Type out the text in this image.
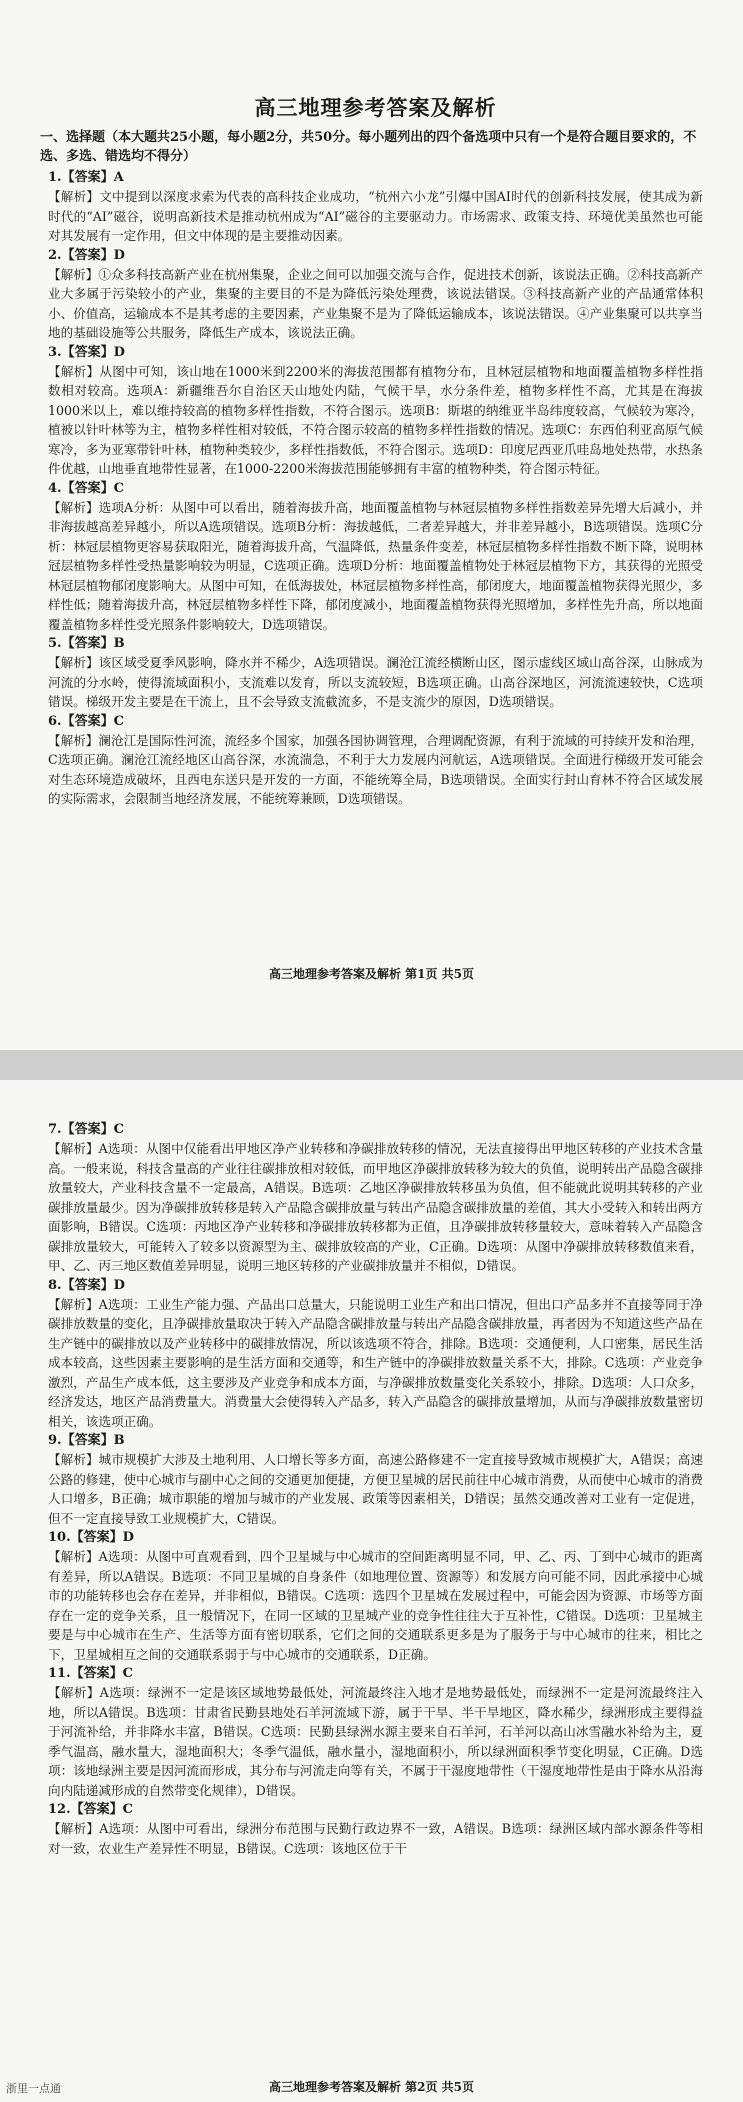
高三地理参考答案及解析

一、选择题（本大题共25小题，每小题2分，共50分。每小题列出的四个备选项中只有一个是符合题目要求的，不选、多选、错选均不得分）

1.【答案】A

【解析】文中提到以深度求索为代表的高科技企业成功，“杭州六小龙”引爆中国AI时代的创新科技发展，使其成为新时代的“AI”磁谷，说明高新技术是推动杭州成为“AI”磁谷的主要驱动力。市场需求、政策支持、环境优美虽然也可能对其发展有一定作用，但文中体现的是主要推动因素。

2.【答案】D

【解析】①众多科技高新产业在杭州集聚，企业之间可以加强交流与合作，促进技术创新，该说法正确。②科技高新产业大多属于污染较小的产业，集聚的主要目的不是为降低污染处理费，该说法错误。③科技高新产业的产品通常体积小、价值高，运输成本不是其考虑的主要因素，产业集聚不是为了降低运输成本，该说法错误。④产业集聚可以共享当地的基础设施等公共服务，降低生产成本，该说法正确。

3.【答案】D

【解析】从图中可知，该山地在1000米到2200米的海拔范围都有植物分布，且林冠层植物和地面覆盖植物多样性指数相对较高。选项A：新疆维吾尔自治区天山地处内陆，气候干旱，水分条件差，植物多样性不高，尤其是在海拔1000米以上，难以维持较高的植物多样性指数，不符合图示。选项B：斯堪的纳维亚半岛纬度较高，气候较为寒冷，植被以针叶林等为主，植物多样性相对较低，不符合图示较高的植物多样性指数的情况。选项C：东西伯利亚高原气候寒冷，多为亚寒带针叶林，植物种类较少，多样性指数低，不符合图示。选项D：印度尼西亚爪哇岛地处热带，水热条件优越，山地垂直地带性显著，在1000-2200米海拔范围能够拥有丰富的植物种类，符合图示特征。

4.【答案】C

【解析】选项A分析：从图中可以看出，随着海拔升高，地面覆盖植物与林冠层植物多样性指数差异先增大后减小，并非海拔越高差异越小，所以A选项错误。选项B分析：海拔越低，二者差异越大，并非差异越小，B选项错误。选项C分析：林冠层植物更容易获取阳光，随着海拔升高，气温降低，热量条件变差，林冠层植物多样性指数不断下降，说明林冠层植物多样性受热量影响较为明显，C选项正确。选项D分析：地面覆盖植物处于林冠层植物下方，其获得的光照受林冠层植物郁闭度影响大。从图中可知，在低海拔处，林冠层植物多样性高，郁闭度大，地面覆盖植物获得光照少，多样性低；随着海拔升高，林冠层植物多样性下降，郁闭度减小，地面覆盖植物获得光照增加，多样性先升高，所以地面覆盖植物多样性受光照条件影响较大，D选项错误。

5.【答案】B

【解析】该区域受夏季风影响，降水并不稀少，A选项错误。澜沧江流经横断山区，图示虚线区域山高谷深，山脉成为河流的分水岭，使得流域面积小，支流难以发育，所以支流较短，B选项正确。山高谷深地区，河流流速较快，C选项错误。梯级开发主要是在干流上，且不会导致支流截流多，不是支流少的原因，D选项错误。

6.【答案】C

【解析】澜沧江是国际性河流，流经多个国家，加强各国协调管理，合理调配资源，有利于流域的可持续开发和治理，C选项正确。澜沧江流经地区山高谷深，水流湍急，不利于大力发展内河航运，A选项错误。全面进行梯级开发可能会对生态环境造成破坏，且西电东送只是开发的一方面，不能统筹全局，B选项错误。全面实行封山育林不符合区域发展的实际需求，会限制当地经济发展，不能统筹兼顾，D选项错误。

高三地理参考答案及解析 第1页 共5页

7.【答案】C

【解析】A选项：从图中仅能看出甲地区净产业转移和净碳排放转移的情况，无法直接得出甲地区转移的产业技术含量高。一般来说，科技含量高的产业往往碳排放相对较低，而甲地区净碳排放转移为较大的负值，说明转出产品隐含碳排放量较大，产业科技含量不一定最高，A错误。B选项：乙地区净碳排放转移虽为负值，但不能就此说明其转移的产业碳排放量最少。因为净碳排放转移是转入产品隐含碳排放量与转出产品隐含碳排放量的差值，其大小受转入和转出两方面影响，B错误。C选项：丙地区净产业转移和净碳排放转移都为正值，且净碳排放转移量较大，意味着转入产品隐含碳排放量较大，可能转入了较多以资源型为主、碳排放较高的产业，C正确。D选项：从图中净碳排放转移数值来看，甲、乙、丙三地区数值差异明显，说明三地区转移的产业碳排放量并不相似，D错误。

8.【答案】D

【解析】A选项：工业生产能力强、产品出口总量大，只能说明工业生产和出口情况，但出口产品多并不直接等同于净碳排放数量的变化，且净碳排放量取决于转入产品隐含碳排放量与转出产品隐含碳排放量，再者因为不知道这些产品在生产链中的碳排放以及产业转移中的碳排放情况，所以该选项不符合，排除。B选项：交通便利，人口密集，居民生活成本较高，这些因素主要影响的是生活方面和交通等，和生产链中的净碳排放数量关系不大，排除。C选项：产业竞争激烈，产品生产成本低，这主要涉及产业竞争和成本方面，与净碳排放数量变化关系较小，排除。D选项：人口众多，经济发达，地区产品消费量大。消费量大会使得转入产品多，转入产品隐含的碳排放量增加，从而与净碳排放数量密切相关，该选项正确。

9.【答案】B

【解析】城市规模扩大涉及土地利用、人口增长等多方面，高速公路修建不一定直接导致城市规模扩大，A错误；高速公路的修建，使中心城市与副中心之间的交通更加便捷，方便卫星城的居民前往中心城市消费，从而使中心城市的消费人口增多，B正确；城市职能的增加与城市的产业发展、政策等因素相关，D错误；虽然交通改善对工业有一定促进，但不一定直接导致工业规模扩大，C错误。

10.【答案】D

【解析】A选项：从图中可直观看到，四个卫星城与中心城市的空间距离明显不同，甲、乙、丙、丁到中心城市的距离有差异，所以A错误。B选项：不同卫星城的自身条件（如地理位置、资源等）和发展方向可能不同，因此承接中心城市的功能转移也会存在差异，并非相似，B错误。C选项：选四个卫星城在发展过程中，可能会因为资源、市场等方面存在一定的竞争关系，且一般情况下，在同一区域的卫星城产业的竞争性往往大于互补性，C错误。D选项：卫星城主要是与中心城市在生产、生活等方面有密切联系，它们之间的交通联系更多是为了服务于与中心城市的往来，相比之下，卫星城相互之间的交通联系弱于与中心城市的交通联系，D正确。

11.【答案】C

【解析】A选项：绿洲不一定是该区域地势最低处，河流最终注入地才是地势最低处，而绿洲不一定是河流最终注入地，所以A错误。B选项：甘肃省民勤县地处石羊河流域下游，属于干旱、半干旱地区，降水稀少，绿洲形成主要得益于河流补给，并非降水丰富，B错误。C选项：民勤县绿洲水源主要来自石羊河，石羊河以高山冰雪融水补给为主，夏季气温高，融水量大，湿地面积大；冬季气温低，融水量小，湿地面积小，所以绿洲面积季节变化明显，C正确。D选项：该地绿洲主要是因河流而形成，其分布与河流走向等有关，不属于干湿度地带性（干湿度地带性是由于降水从沿海向内陆递减形成的自然带变化规律），D错误。

12.【答案】C

【解析】A选项：从图中可看出，绿洲分布范围与民勤行政边界不一致，A错误。B选项：绿洲区域内部水源条件等相对一致，农业生产差异性不明显，B错误。C选项：该地区位于干

高三地理参考答案及解析 第2页 共5页
浙里一点通
